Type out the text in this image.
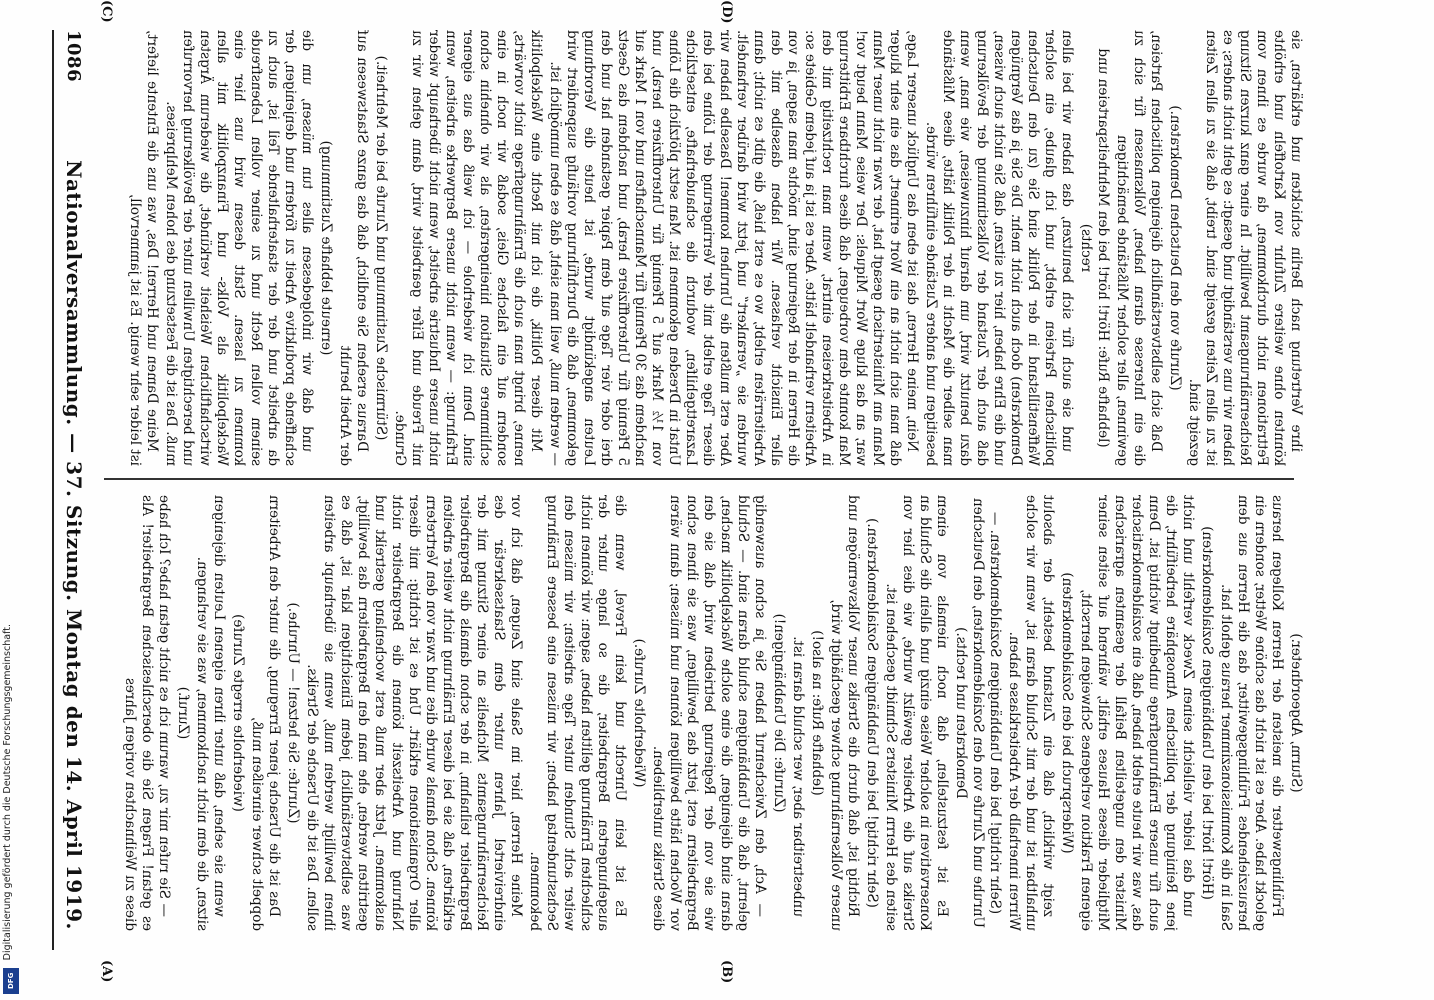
1086
Nationalversammlung. — 37. Sitzung. Montag den 14. April 1919.	(Sturm, Abgeordneter.)

Frühlingswetter die meisten der Herren Kollegen heraus gelockt habe. Aber es ist nicht das schöne Wetter, sondern ein herausziehendes Frühlingsgewitter, das die Herren aus dem Saal in die Kommissionszimmer heraus geholt hat.

(Hört! hört! bei den Unabhängigen Sozialdemokraten)

und das leider vielleicht seinen Zweck verfehlt und nicht jene Reinigung der politischen Atmosphäre herbeiführt, die auch für unsere Ernährungsfrage unbedingt wichtig ist. Denn das, was wir heute erlebt haben, daß ein sozialdemokratischer Minister den ungeteilten Beifall der gesamten agrarischen Mitglieder dieses Hauses erhält, während auf seiten seiner eigenen Fraktion verlegenes Schweigen herrscht,

(Widerspruch bei den Sozialdemokraten)

zeigt wirklich, daß ein Zustand besteht, der absolut unhaltbar ist und der mit Schuld daran ist, wenn wir solche Wirren innerhalb der Arbeiterklasse haben.

(Sehr richtig! bei den Unabhängigen Sozialdemokraten. — Unruhe und Zurufe von den Sozialdemokraten, den Deutschen Demokraten und rechts.)

Es ist festzustellen, daß noch niemals von einem Konservativen in solcher Weise einzig und allein die Schuld an Streiks auf die Arbeiter gewälzt wurde, wie dies hier von seiten des Herrn Ministers Schmidt geschehen ist.

(Sehr richtig! bei den Unabhängigen Sozialdemokraten.)

Richtig ist, daß durch die Streiks unser Volksvermögen und unsere Volksernährung schwer geschädigt wird,

(lebhafte Rufe: na also!)

unbestreitbar aber, wer schuld daran ist.

(Zurufe: Die Unabhängigen!)

— Ach, den Zwischenruf haben Sie ja schon auswendig gelernt, daß die Unabhängigen schuld daran sind. — Schuld daran sind diejenigen, die eine solche Wackelpolitik machen, wie sie von der Regierung betrieben wird, daß sie den Bergarbeitern erst jetzt das bewilligen, was sie ihnen schon vor Wochen hätte bewilligen können und müssen; dann wären diese Streiks unterblieben.

(Wiederholte Zurufe.)

Es ist kein Unrecht und kein Frevel, wenn die ausgehungerten Bergarbeiter, die so lange unter der schlechten Ernährung gelitten haben, sagen: wir können nicht weiter acht Stunden unter Tage arbeiten; wir müssen den Sechsstundentag haben; wir müssen eine bessere Ernährung bekommen.

Meine Herren, hier im Saale sind Zeugen, daß ich vor eindreiviertel Jahren unter dem Staatssekretär des Reichsernährungsamts Michaelis an einer Sitzung mit der Bergarbeiter teilnahm, in der schon damals die Bergarbeiter erklärten, daß sie bei dieser Ernährung nicht weiter arbeiten können. Schon damals wurde dies und zwar von den Vertretern aller Organisationen erklärt. Und es ist richtig: mit dieser Nahrung und Arbeitszeit können die Bergarbeiter nicht auskommen. Jetzt aber muß erst wochenlang gestreikt und gestritten werden, ehe man den Bergarbeitern das bewilligt, was selbstverständlich jedem Einsichtigen klar ist, daß es ihnen bewilligt werden muß, wenn sie überhaupt arbeiten sollen. Das ist die Ursache der Streiks.

(Zurufe: Sie hetzen! — Unruhe.)

Das ist die Ursache jener Erregung, die unter den Arbeitern doppelt schwer einreißen muß,

(wiederholte erregte Zurufe)

wenn sie sehen, daß unter ihren eigenen Leuten diejenigen sitzen, die dem nicht nachkommen, was sie verlangen.

(Zuruf.)

— Sie rufen mir zu, warum ich es nicht getan habe? Ich habe es getan! Fragen Sie die oberschlesischen Bergarbeiter! Als diese zu Weihnachten vorigen Jahres

ihre Vertretung nach Berlin schickten und erklärten, sie könnten ohne weitere Zufuhr von Kartoffeln und erhöhte Fettrationen nicht durchkommen, da wurde es ihnen vom Reichsernährungsamt bewilligt. In einer ganz kurzen Sitzung haben wir uns verständigt und gesagt: es geht nicht anders; es ist zu allen Zeiten gezeigt sind. treibt, daß sie zu allen Zeiten gezeigt sind.

(Zurufe von den Deutschen Demokraten.)

Daß sich selbstverständlich diejenigen politischen Parteien, die ein Interesse daran haben, Volksmassen für sich zu gewinnen, aller solcher Mißstände bemächtigen

(lebhafte Rufe: Hört! hört! bei den Mehrheitsparteien und rechts)

und sie auch für sich benutzen, das haben wir bei allen politischen Parteien erlebt, und ich glaube, ein solcher Waffenstillstand in der Politik sind Sie (zu den Deutschen Demokraten) doch auch nicht mehr. Die Sie ja das Vergnügen und die Ehre haben, hier zu sitzen, daß Sie nicht auch wissen, daß auch der Zustand der Volksstimmung der Bevölkerung dazu benutzt wird, um darauf hinzuweisen, wie man, wenn man selber die Macht in der Politik hätte, diese Mißstände beseitigen und andere Zustände einführen würde.

Nein, meine Herren, das ist eben das Unglück unserer Lage, daß man sich nicht an ein Wort erinnert, das ein sehr kluger Mann am Ministertisch gesagt hat, der zwar nicht unser Mann war, an das kluge Wort Miquels: Der weise Mann beugt vor! Man konnte dem vorbeugen, daß diese furchtbare Erbitterung in Arbeiterkreisen eintrat, wenn man rechtzeitig mit den Arbeitern verhandelt hätte. Aber es ist ja auf jedem Gebiete so: die Herren in der Regierung sind, möchte man sagen, ja von aller Einsicht verlassen. Wir haben dasselbe mit den Arbeiterräten erlebt, wo es erst hieß, die gibt es nicht; dann wurden sie „verankert“ und jetzt wird darüber verhandelt. Aber erst mußten die Unruhen kommen! Dasselbe haben wir dieser Tage erlebt mit der Verringerung der Löhne bei den Lazarettgehilfen, wodurch die schauderhafte, entsetzliche Untat in Dresden gekommen ist. Man setzt plötzlich die Löhne von 1½ Mark auf 5 Pfennig für Unteroffiziere herab, und nachdem das 30 Pfennig für Mannschaften und von 1 Mark auf 5 Pfennig für Unteroffiziere herab, und nachdem das Gesetz drei oder vier Tage auf dem Papier gestanden hat und den Leuten angekündigt wurde, ist heute die Verordnung gekommen, daß die Durchführung vorläufig suspendiert wird — werden muß, weil man sieht, daß es eben unmöglich ist.

Mit dieser Politik, die ich mit Recht eine Wackelpolitik nenne, bringt man auch die Ernährungsfrage nicht vorwärts, sondern auf ein falsches Gleis, sodaß wir noch in eine schlimmere Situation hineingeraten, als wir ohnehin schon sind. Denn ich wiederhole — ich weiß das aus eigener Erfahrung: — wenn nicht unsere Bergwerke arbeiten, wenn nicht unsere Industrie arbeitet, wenn nicht überhaupt wieder mit Freude und Eifer gearbeitet wird, dann gehen wir zu Grunde.

(Stürmische Zustimmung und Zurufe bei der Mehrheit.)

Daraus ersehen Sie endlich, daß das ganze Staatswesen auf der Arbeit beruht

(erneute lebhafte Zustimmung)

und daß wir infolgedessen alles tun müssen, um die schaffende produktive Arbeit zu fördern und denjenigen, der da arbeitet und der der staaterhaltende Teil ist, auch zu seinem vollen Recht und zu seiner vollen Lebensfreude kommen zu lassen. Statt dessen wird uns hier eine Wackelpolitik als Volks- und Finanzpolitik mit allen wirtschaftlichen Weisheit verkündet, die wiederum Ärgsten und berechtigten Unwillen unter der Bevölkerung hervorrufen muß. Das ist die Festsetzung des hohen Mehlpreises.

Meine Damen und Herren! Das, was uns die Entente liefert, ist leider sehr wenig. Es ist jammervoll,

(A)	(B)
(C)	(D)
Digitalisierung gefördert durch die Deutsche Forschungsgemeinschaft.
DFG
